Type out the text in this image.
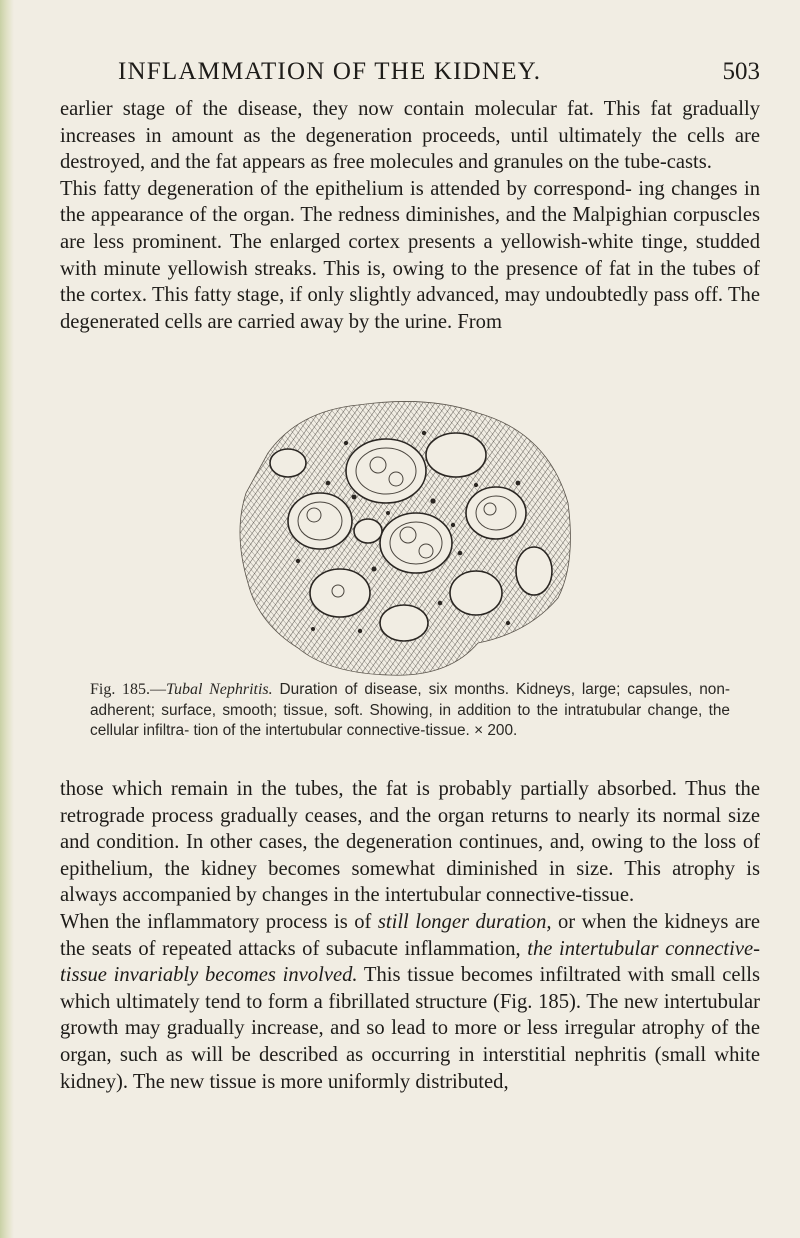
INFLAMMATION OF THE KIDNEY.	503

earlier stage of the disease, they now contain molecular fat. This fat gradually increases in amount as the degeneration proceeds, until ultimately the cells are destroyed, and the fat appears as free molecules and granules on the tube-casts.

This fatty degeneration of the epithelium is attended by correspond- ing changes in the appearance of the organ. The redness diminishes, and the Malpighian corpuscles are less prominent. The enlarged cortex presents a yellowish-white tinge, studded with minute yellowish streaks. This is, owing to the presence of fat in the tubes of the cortex. This fatty stage, if only slightly advanced, may undoubtedly pass off. The degenerated cells are carried away by the urine. From

Fig. 185.—Tubal Nephritis. Duration of disease, six months. Kidneys, large; capsules, non-adherent; surface, smooth; tissue, soft. Showing, in addition to the intratubular change, the cellular infiltra- tion of the intertubular connective-tissue. × 200.

those which remain in the tubes, the fat is probably partially absorbed. Thus the retrograde process gradually ceases, and the organ returns to nearly its normal size and condition. In other cases, the degeneration continues, and, owing to the loss of epithelium, the kidney becomes somewhat diminished in size. This atrophy is always accompanied by changes in the intertubular connective-tissue.

When the inflammatory process is of still longer duration, or when the kidneys are the seats of repeated attacks of subacute inflammation, the intertubular connective-tissue invariably becomes involved. This tissue becomes infiltrated with small cells which ultimately tend to form a fibrillated structure (Fig. 185). The new intertubular growth may gradually increase, and so lead to more or less irregular atrophy of the organ, such as will be described as occurring in interstitial nephritis (small white kidney). The new tissue is more uniformly distributed,
